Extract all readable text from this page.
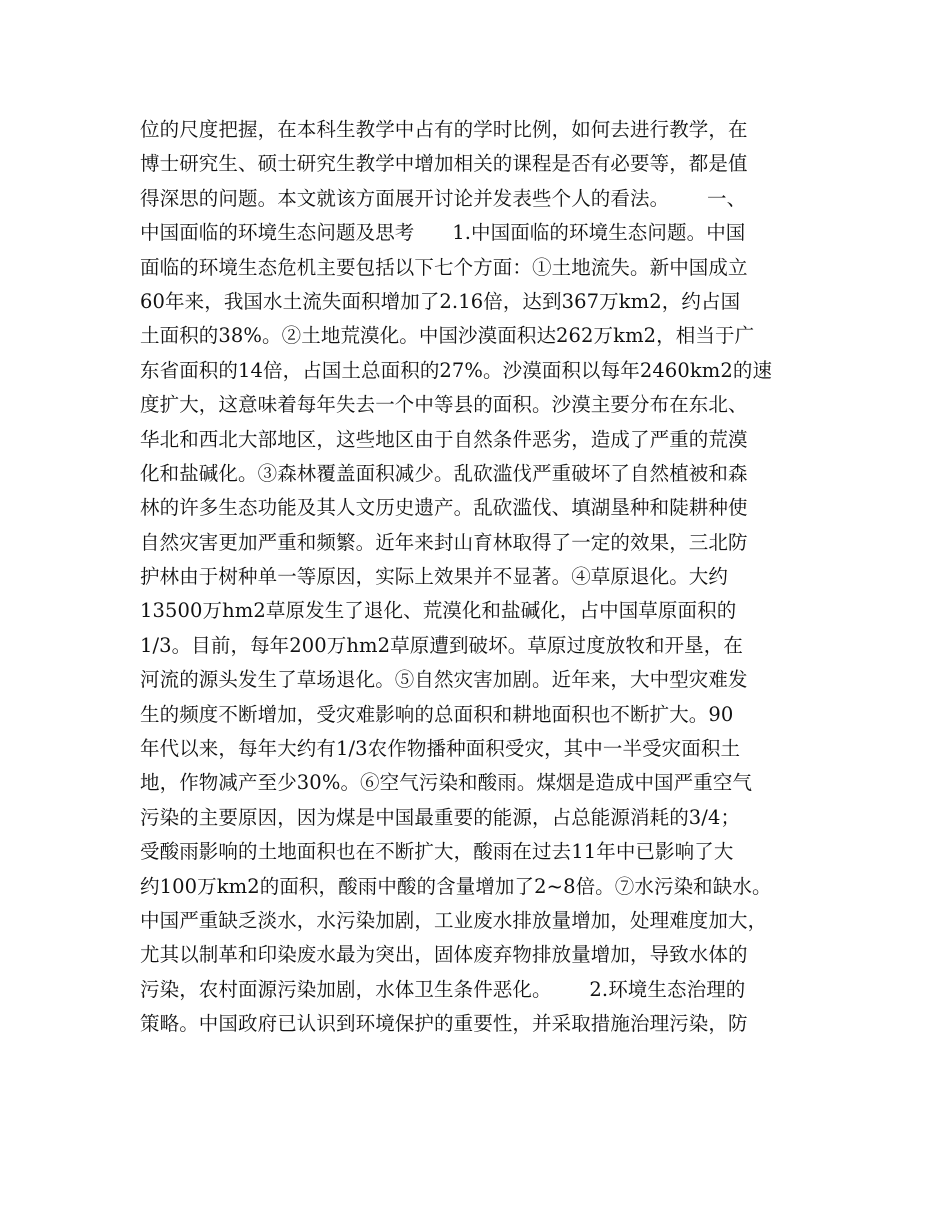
位的尺度把握，在本科生教学中占有的学时比例，如何去进行教学，在
博士研究生、硕士研究生教学中增加相关的课程是否有必要等，都是值
得深思的问题。本文就该方面展开讨论并发表些个人的看法。      一、
中国面临的环境生态问题及思考      1.中国面临的环境生态问题。中国
面临的环境生态危机主要包括以下七个方面：①土地流失。新中国成立
60年来，我国水土流失面积增加了2.16倍，达到367万km2，约占国
土面积的38%。②土地荒漠化。中国沙漠面积达262万km2，相当于广
东省面积的14倍，占国土总面积的27%。沙漠面积以每年2460km2的速
度扩大，这意味着每年失去一个中等县的面积。沙漠主要分布在东北、
华北和西北大部地区，这些地区由于自然条件恶劣，造成了严重的荒漠
化和盐碱化。③森林覆盖面积减少。乱砍滥伐严重破坏了自然植被和森
林的许多生态功能及其人文历史遗产。乱砍滥伐、填湖垦种和陡耕种使
自然灾害更加严重和频繁。近年来封山育林取得了一定的效果，三北防
护林由于树种单一等原因，实际上效果并不显著。④草原退化。大约
13500万hm2草原发生了退化、荒漠化和盐碱化，占中国草原面积的
1/3。目前，每年200万hm2草原遭到破坏。草原过度放牧和开垦，在
河流的源头发生了草场退化。⑤自然灾害加剧。近年来，大中型灾难发
生的频度不断增加，受灾难影响的总面积和耕地面积也不断扩大。90
年代以来，每年大约有1/3农作物播种面积受灾，其中一半受灾面积土
地，作物减产至少30%。⑥空气污染和酸雨。煤烟是造成中国严重空气
污染的主要原因，因为煤是中国最重要的能源，占总能源消耗的3/4；
受酸雨影响的土地面积也在不断扩大，酸雨在过去11年中已影响了大
约100万km2的面积，酸雨中酸的含量增加了2~8倍。⑦水污染和缺水。
中国严重缺乏淡水，水污染加剧，工业废水排放量增加，处理难度加大，
尤其以制革和印染废水最为突出，固体废弃物排放量增加，导致水体的
污染，农村面源污染加剧，水体卫生条件恶化。      2.环境生态治理的
策略。中国政府已认识到环境保护的重要性，并采取措施治理污染，防
